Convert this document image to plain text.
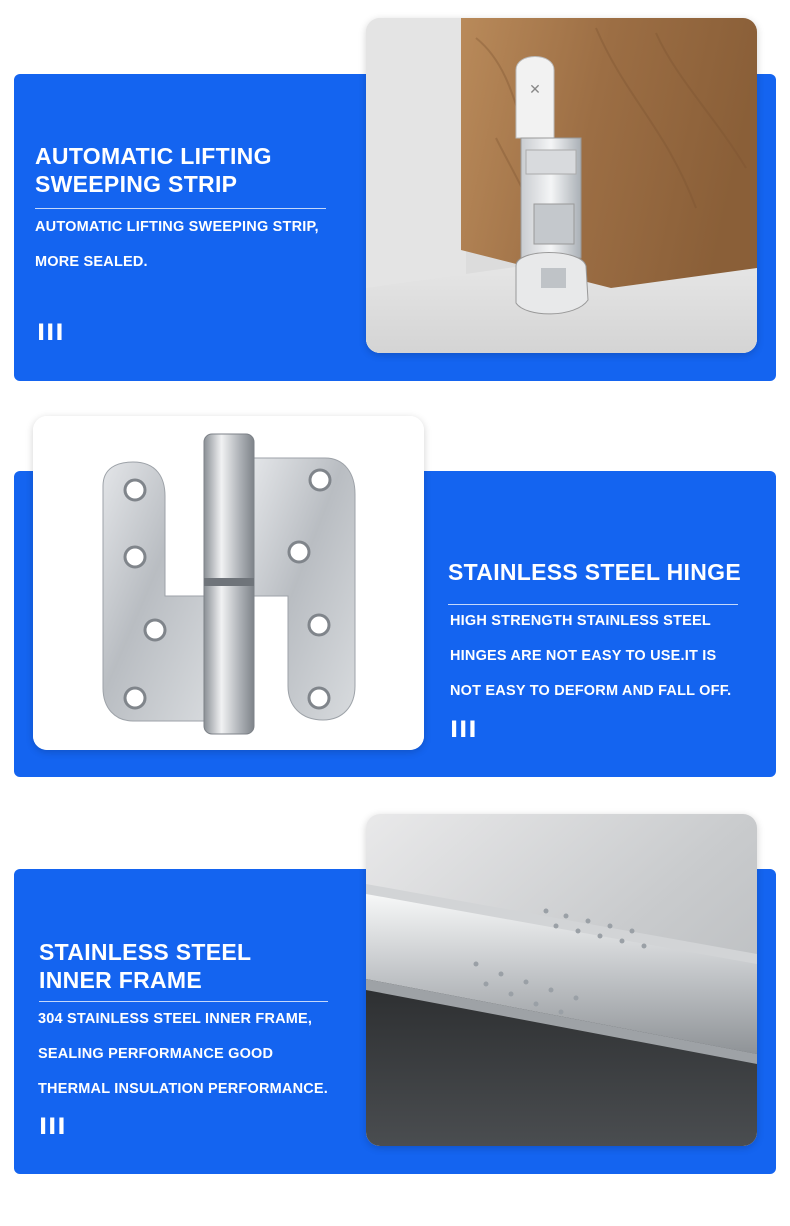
AUTOMATIC LIFTING
SWEEPING STRIP

AUTOMATIC LIFTING SWEEPING STRIP,
MORE SEALED.

III
✕
STAINLESS STEEL HINGE

HIGH STRENGTH STAINLESS STEEL
HINGES ARE NOT EASY TO USE.IT IS
NOT EASY TO DEFORM AND FALL OFF.

III
STAINLESS STEEL
INNER FRAME

304 STAINLESS STEEL INNER FRAME,
SEALING PERFORMANCE GOOD
THERMAL INSULATION PERFORMANCE.

III
